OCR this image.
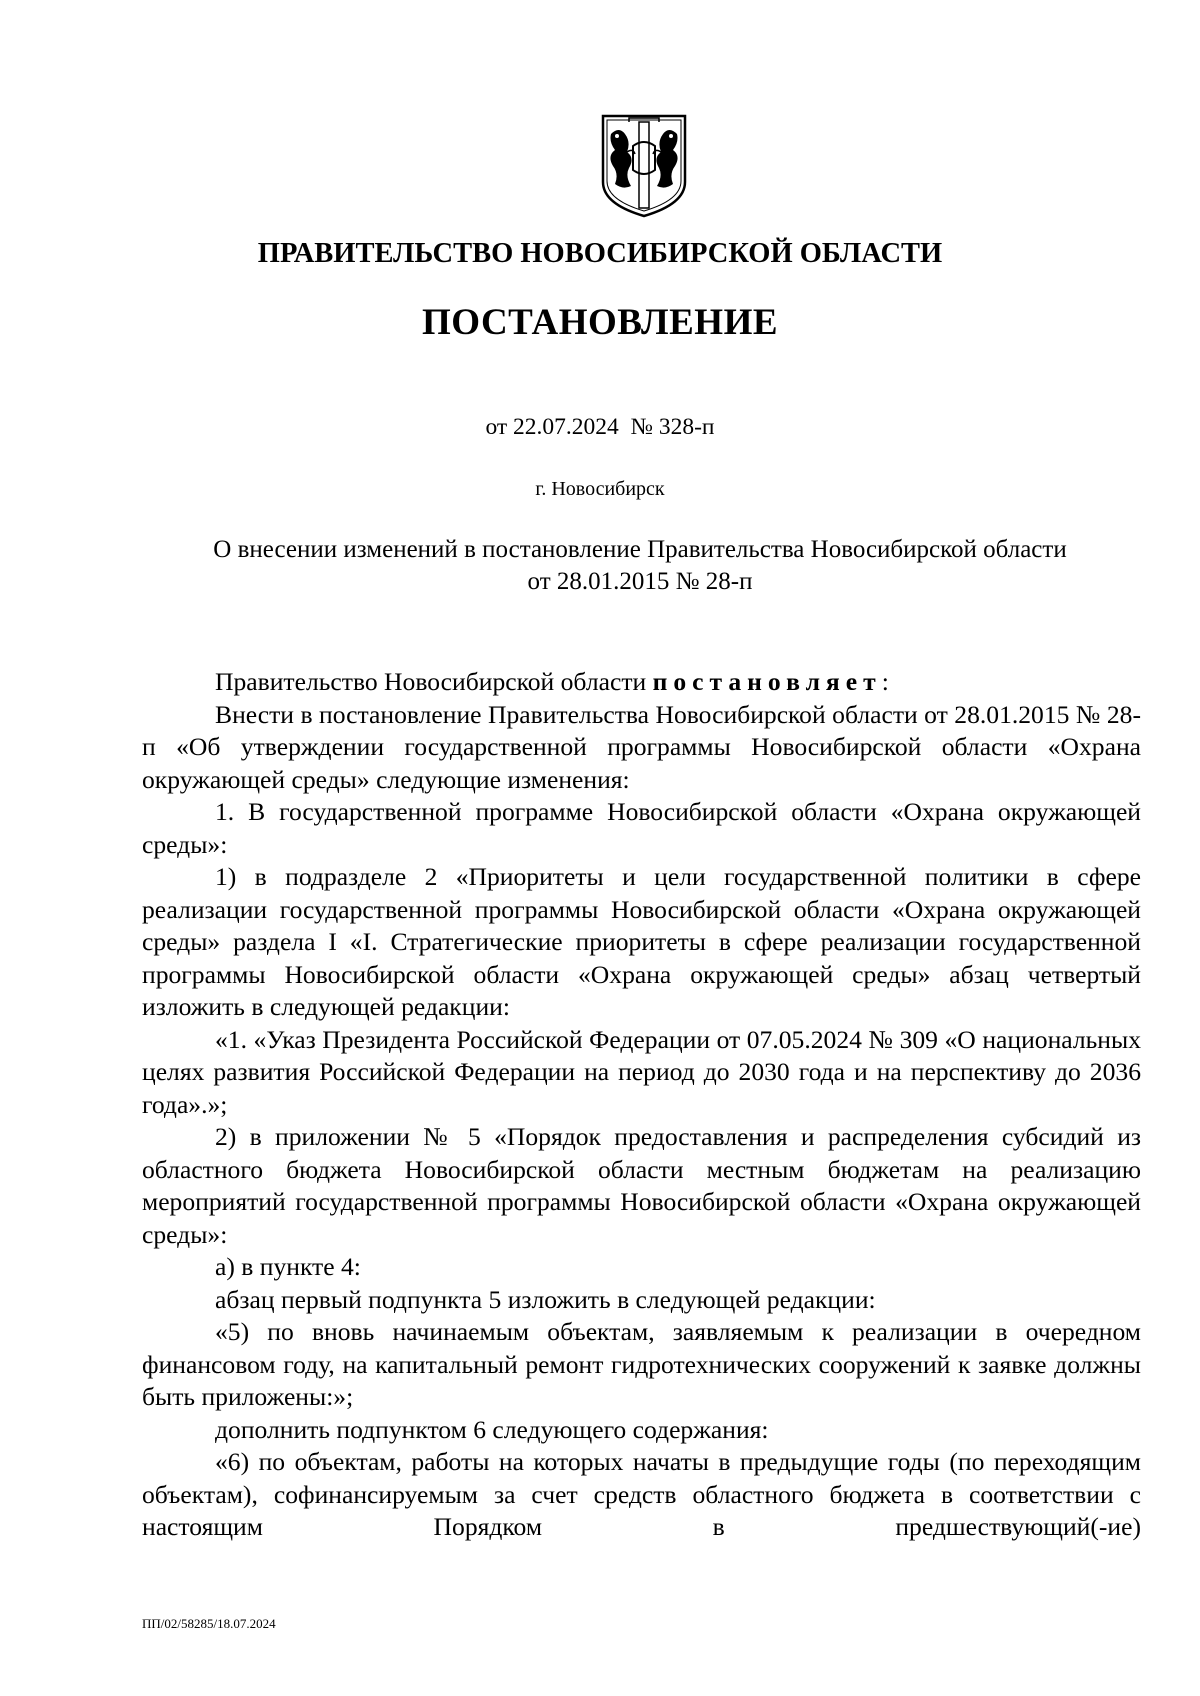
ПРАВИТЕЛЬСТВО НОВОСИБИРСКОЙ ОБЛАСТИ
ПОСТАНОВЛЕНИЕ
от 22.07.2024  № 328-п
г. Новосибирск
О внесении изменений в постановление Правительства Новосибирской области
от 28.01.2015 № 28-п

Правительство Новосибирской области постановляет:

Внести в постановление Правительства Новосибирской области от 28.01.2015 № 28-п «Об утверждении государственной программы Новосибирской области «Охрана окружающей среды» следующие изменения:

1. В государственной программе Новосибирской области «Охрана окружающей среды»:

1) в подразделе 2 «Приоритеты и цели государственной политики в сфере реализации государственной программы Новосибирской области «Охрана окружающей среды» раздела I «I. Стратегические приоритеты в сфере реализации государственной программы Новосибирской области «Охрана окружающей среды» абзац четвертый изложить в следующей редакции:

«1. «Указ Президента Российской Федерации от 07.05.2024 № 309 «О национальных целях развития Российской Федерации на период до 2030 года и на перспективу до 2036 года».»;

2) в приложении № 5 «Порядок предоставления и распределения субсидий из областного бюджета Новосибирской области местным бюджетам на реализацию мероприятий государственной программы Новосибирской области «Охрана окружающей среды»:

а) в пункте 4:

абзац первый подпункта 5 изложить в следующей редакции:

«5) по вновь начинаемым объектам, заявляемым к реализации в очередном финансовом году, на капитальный ремонт гидротехнических сооружений к заявке должны быть приложены:»;

дополнить подпунктом 6 следующего содержания:

«6) по объектам, работы на которых начаты в предыдущие годы (по переходящим объектам), софинансируемым за счет средств областного бюджета в соответствии с настоящим Порядком в предшествующий(-ие)

ПП/02/58285/18.07.2024
